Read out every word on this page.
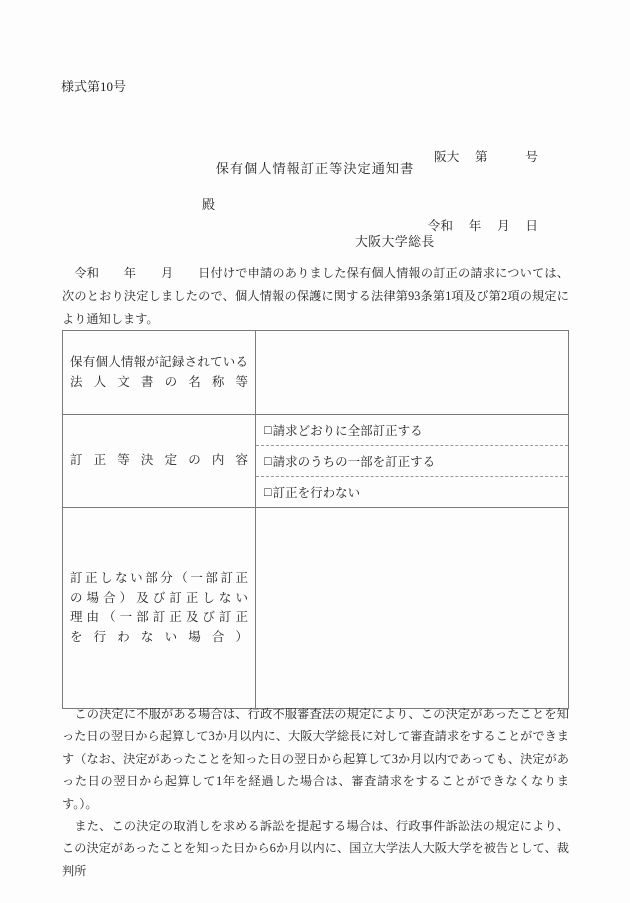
様式第10号

阪大　 第　　　号

令和　 年　 月　 日

保有個人情報訂正等決定通知書
殿
大阪大学総長
　令和　　年　　月　　日付けで申請のありました保有個人情報の訂正の請求については、次のとおり決定しましたので、個人情報の保護に関する法律第93条第1項及び第2項の規定により通知します。
保有個人情報が記録されている
法人文書の名称等
訂正等決定の内容
□ 請求どおりに全部訂正する
□ 請求のうちの一部を訂正する
□ 訂正を行わない
訂正しない部分（一部訂正
の場合）及び訂正しない
理由（一部訂正及び訂正
を行わない場合）

　この決定に不服がある場合は、行政不服審査法の規定により、この決定があったことを知った日の翌日から起算して3か月以内に、大阪大学総長に対して審査請求をすることができます（なお、決定があったことを知った日の翌日から起算して3か月以内であっても、決定があった日の翌日から起算して1年を経過した場合は、審査請求をすることができなくなります。）。

　また、この決定の取消しを求める訴訟を提起する場合は、行政事件訴訟法の規定により、この決定があったことを知った日から6か月以内に、国立大学法人大阪大学を被告として、裁判所
